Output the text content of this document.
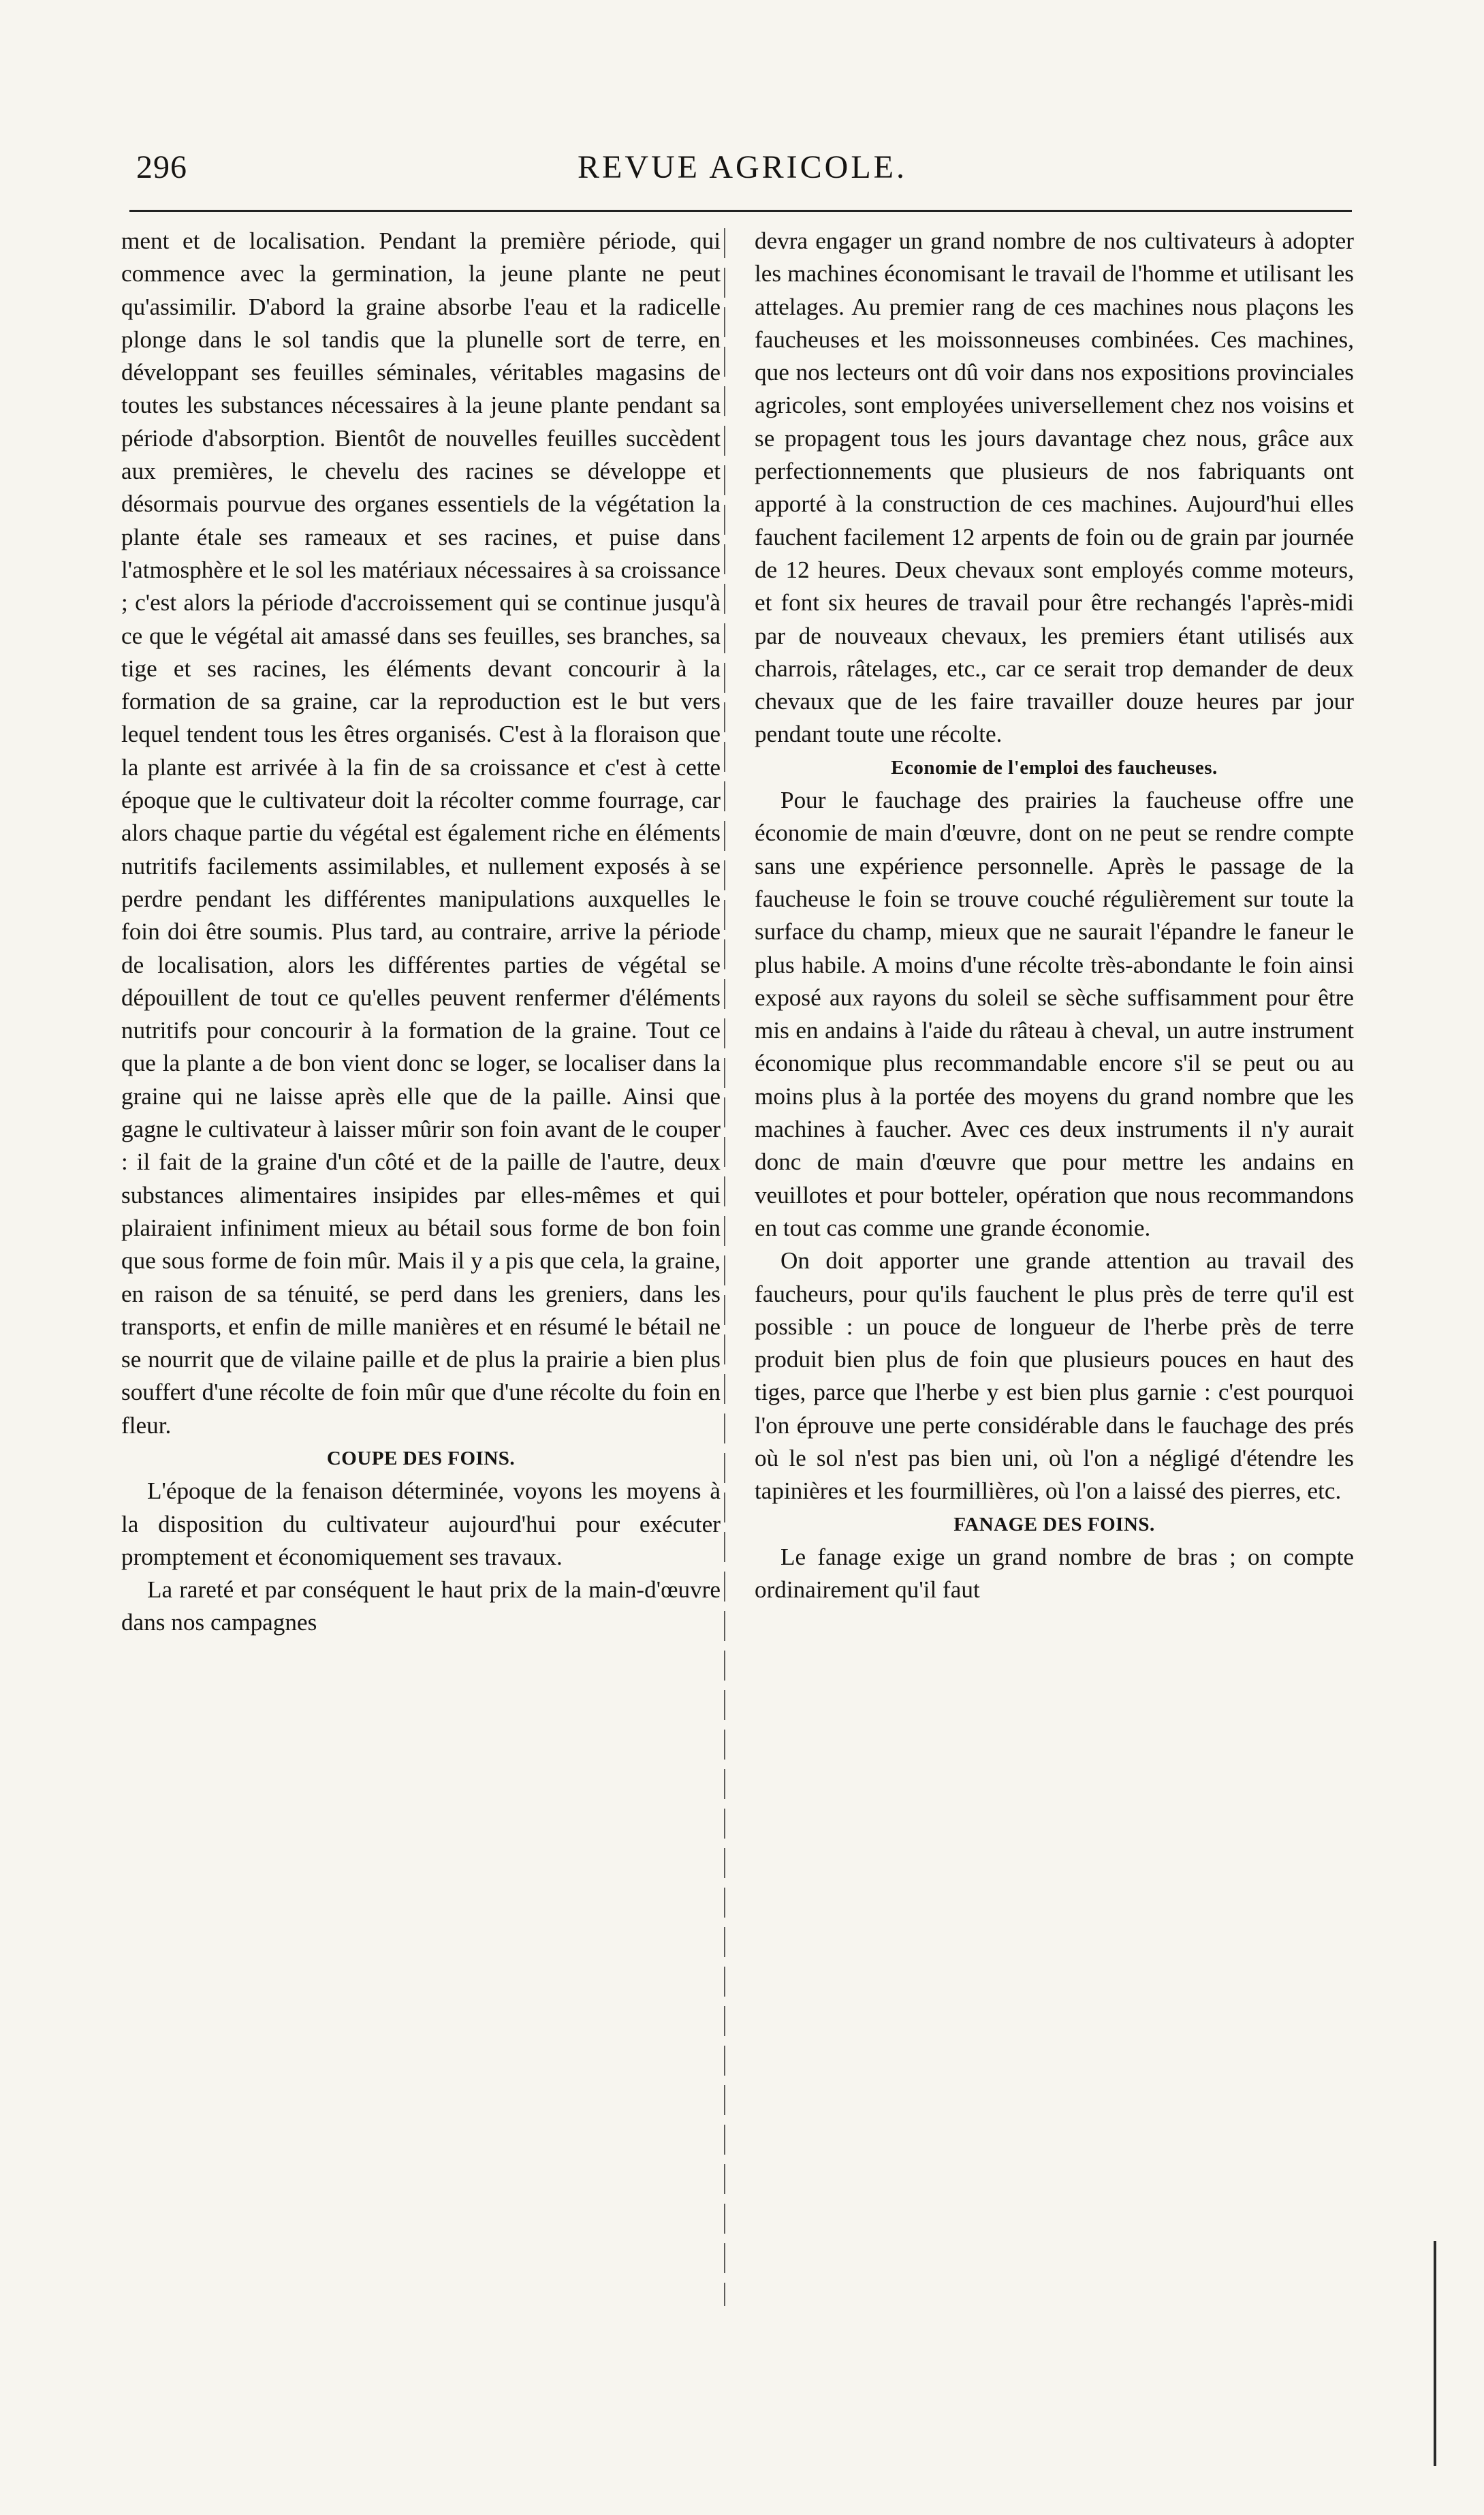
296	REVUE AGRICOLE.

ment et de localisation. Pendant la première période, qui commence avec la germination, la jeune plante ne peut qu'assimilir. D'abord la graine absorbe l'eau et la radicelle plonge dans le sol tandis que la plunelle sort de terre, en développant ses feuilles séminales, véritables magasins de toutes les substances nécessaires à la jeune plante pendant sa période d'absorption. Bientôt de nouvelles feuilles succèdent aux premières, le chevelu des racines se développe et désormais pourvue des organes essentiels de la végétation la plante étale ses rameaux et ses racines, et puise dans l'atmosphère et le sol les matériaux nécessaires à sa croissance ; c'est alors la période d'accroissement qui se continue jusqu'à ce que le végétal ait amassé dans ses feuilles, ses branches, sa tige et ses racines, les éléments devant concourir à la formation de sa graine, car la reproduction est le but vers lequel tendent tous les êtres organisés. C'est à la floraison que la plante est arrivée à la fin de sa croissance et c'est à cette époque que le cultivateur doit la récolter comme fourrage, car alors chaque partie du végétal est également riche en éléments nutritifs facilements assimilables, et nullement exposés à se perdre pendant les différentes manipulations auxquelles le foin doi être soumis. Plus tard, au contraire, arrive la période de localisation, alors les différentes parties de végétal se dépouillent de tout ce qu'elles peuvent renfermer d'éléments nutritifs pour concourir à la formation de la graine. Tout ce que la plante a de bon vient donc se loger, se localiser dans la graine qui ne laisse après elle que de la paille. Ainsi que gagne le cultivateur à laisser mûrir son foin avant de le couper : il fait de la graine d'un côté et de la paille de l'autre, deux substances alimentaires insipides par elles-mêmes et qui plairaient infiniment mieux au bétail sous forme de bon foin que sous forme de foin mûr. Mais il y a pis que cela, la graine, en raison de sa ténuité, se perd dans les greniers, dans les transports, et enfin de mille manières et en résumé le bétail ne se nourrit que de vilaine paille et de plus la prairie a bien plus souffert d'une récolte de foin mûr que d'une récolte du foin en fleur.

COUPE DES FOINS.

L'époque de la fenaison déterminée, voyons les moyens à la disposition du cultivateur aujourd'hui pour exécuter promptement et économiquement ses travaux.

La rareté et par conséquent le haut prix de la main-d'œuvre dans nos campagnes

devra engager un grand nombre de nos cultivateurs à adopter les machines économisant le travail de l'homme et utilisant les attelages. Au premier rang de ces machines nous plaçons les faucheuses et les moissonneuses combinées. Ces machines, que nos lecteurs ont dû voir dans nos expositions provinciales agricoles, sont employées universellement chez nos voisins et se propagent tous les jours davantage chez nous, grâce aux perfectionnements que plusieurs de nos fabriquants ont apporté à la construction de ces machines. Aujourd'hui elles fauchent facilement 12 arpents de foin ou de grain par journée de 12 heures. Deux chevaux sont employés comme moteurs, et font six heures de travail pour être rechangés l'après-midi par de nouveaux chevaux, les premiers étant utilisés aux charrois, râtelages, etc., car ce serait trop demander de deux chevaux que de les faire travailler douze heures par jour pendant toute une récolte.

Economie de l'emploi des faucheuses.

Pour le fauchage des prairies la faucheuse offre une économie de main d'œuvre, dont on ne peut se rendre compte sans une expérience personnelle. Après le passage de la faucheuse le foin se trouve couché régulièrement sur toute la surface du champ, mieux que ne saurait l'épandre le faneur le plus habile. A moins d'une récolte très-abondante le foin ainsi exposé aux rayons du soleil se sèche suffisamment pour être mis en andains à l'aide du râteau à cheval, un autre instrument économique plus recommandable encore s'il se peut ou au moins plus à la portée des moyens du grand nombre que les machines à faucher. Avec ces deux instruments il n'y aurait donc de main d'œuvre que pour mettre les andains en veuillotes et pour botteler, opération que nous recommandons en tout cas comme une grande économie.

On doit apporter une grande attention au travail des faucheurs, pour qu'ils fauchent le plus près de terre qu'il est possible : un pouce de longueur de l'herbe près de terre produit bien plus de foin que plusieurs pouces en haut des tiges, parce que l'herbe y est bien plus garnie : c'est pourquoi l'on éprouve une perte considérable dans le fauchage des prés où le sol n'est pas bien uni, où l'on a négligé d'étendre les tapinières et les fourmillières, où l'on a laissé des pierres, etc.

FANAGE DES FOINS.

Le fanage exige un grand nombre de bras ; on compte ordinairement qu'il faut
